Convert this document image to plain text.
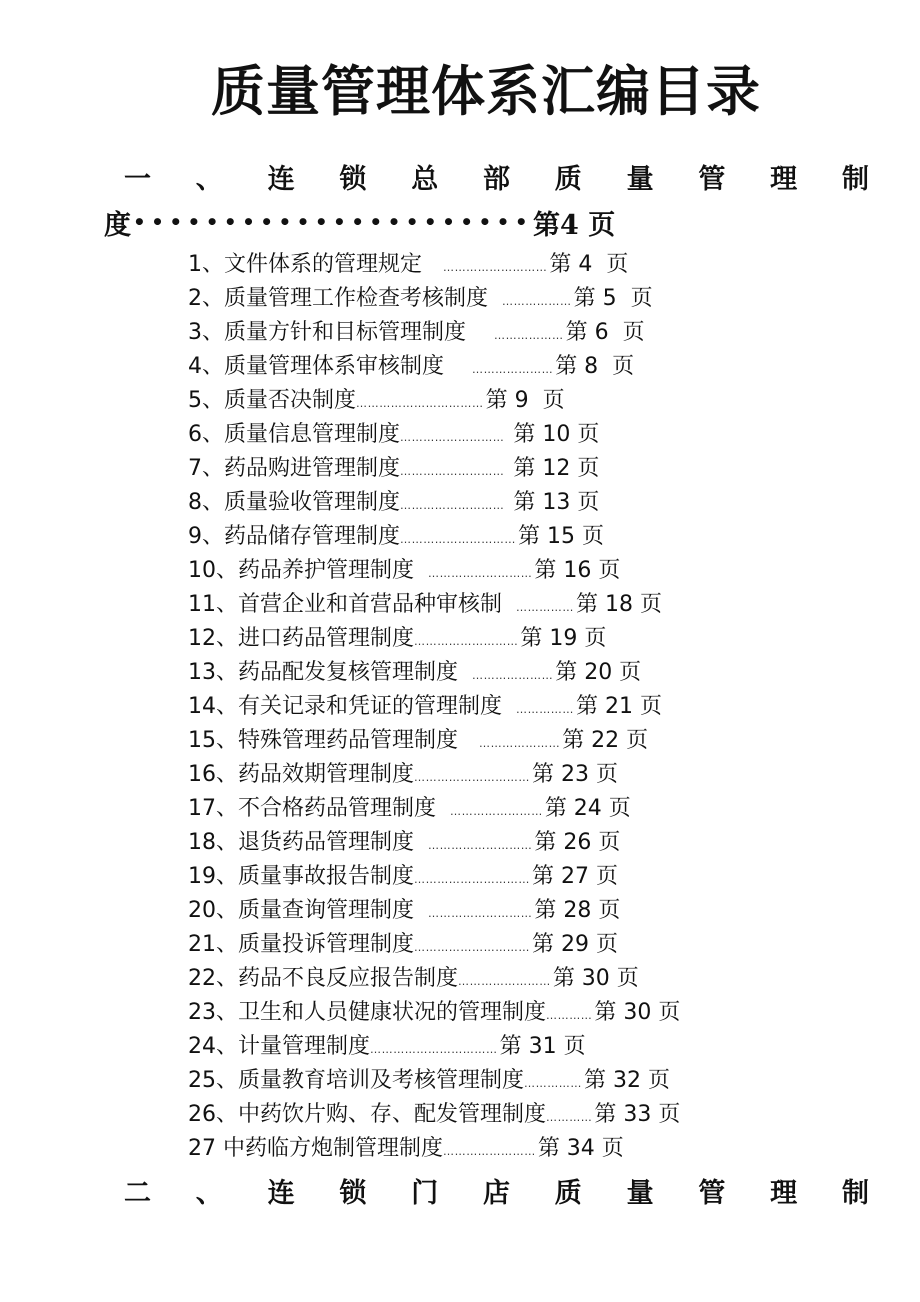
质量管理体系汇编目录
一 、 连 锁 总 部 质 量 管 理 制
度 •••••••••••••••••••••• 第4 页
1、文件体系的管理规定
……………………… 第 4  页
2、质量管理工作检查考核制度
……………… 第 5  页
3、质量方针和目标管理制度
	……………… 第 6  页
4、质量管理体系审核制度
	………………… 第 8  页
5、质量否决制度 …………………………… 第 9  页
6、质量信息管理制度 ……………………… 第 10 页
7、药品购进管理制度 ……………………… 第 12 页
8、质量验收管理制度 ……………………… 第 13 页
9、药品储存管理制度 ………………………… 第 15 页
10、药品养护管理制度
……………………… 第 16 页
11、首营企业和首营品种审核制
…………… 第 18 页
12、进口药品管理制度 ……………………… 第 19 页
13、药品配发复核管理制度
………………… 第 20 页
14、有关记录和凭证的管理制度
…………… 第 21 页
15、特殊管理药品管理制度
………………… 第 22 页
16、药品效期管理制度 ………………………… 第 23 页
17、不合格药品管理制度
…………………… 第 24 页
18、退货药品管理制度
……………………… 第 26 页
19、质量事故报告制度 ………………………… 第 27 页
20、质量查询管理制度
……………………… 第 28 页
21、质量投诉管理制度 ………………………… 第 29 页
22、药品不良反应报告制度 …………………… 第 30 页
23、卫生和人员健康状况的管理制度 ………… 第 30 页
24、计量管理制度 …………………………… 第 31 页
25、质量教育培训及考核管理制度 …………… 第 32 页
26、中药饮片购、存、配发管理制度 ………… 第 33 页
27 中药临方炮制管理制度 …………………… 第 34 页
二 、 连 锁 门 店 质 量 管 理 制
